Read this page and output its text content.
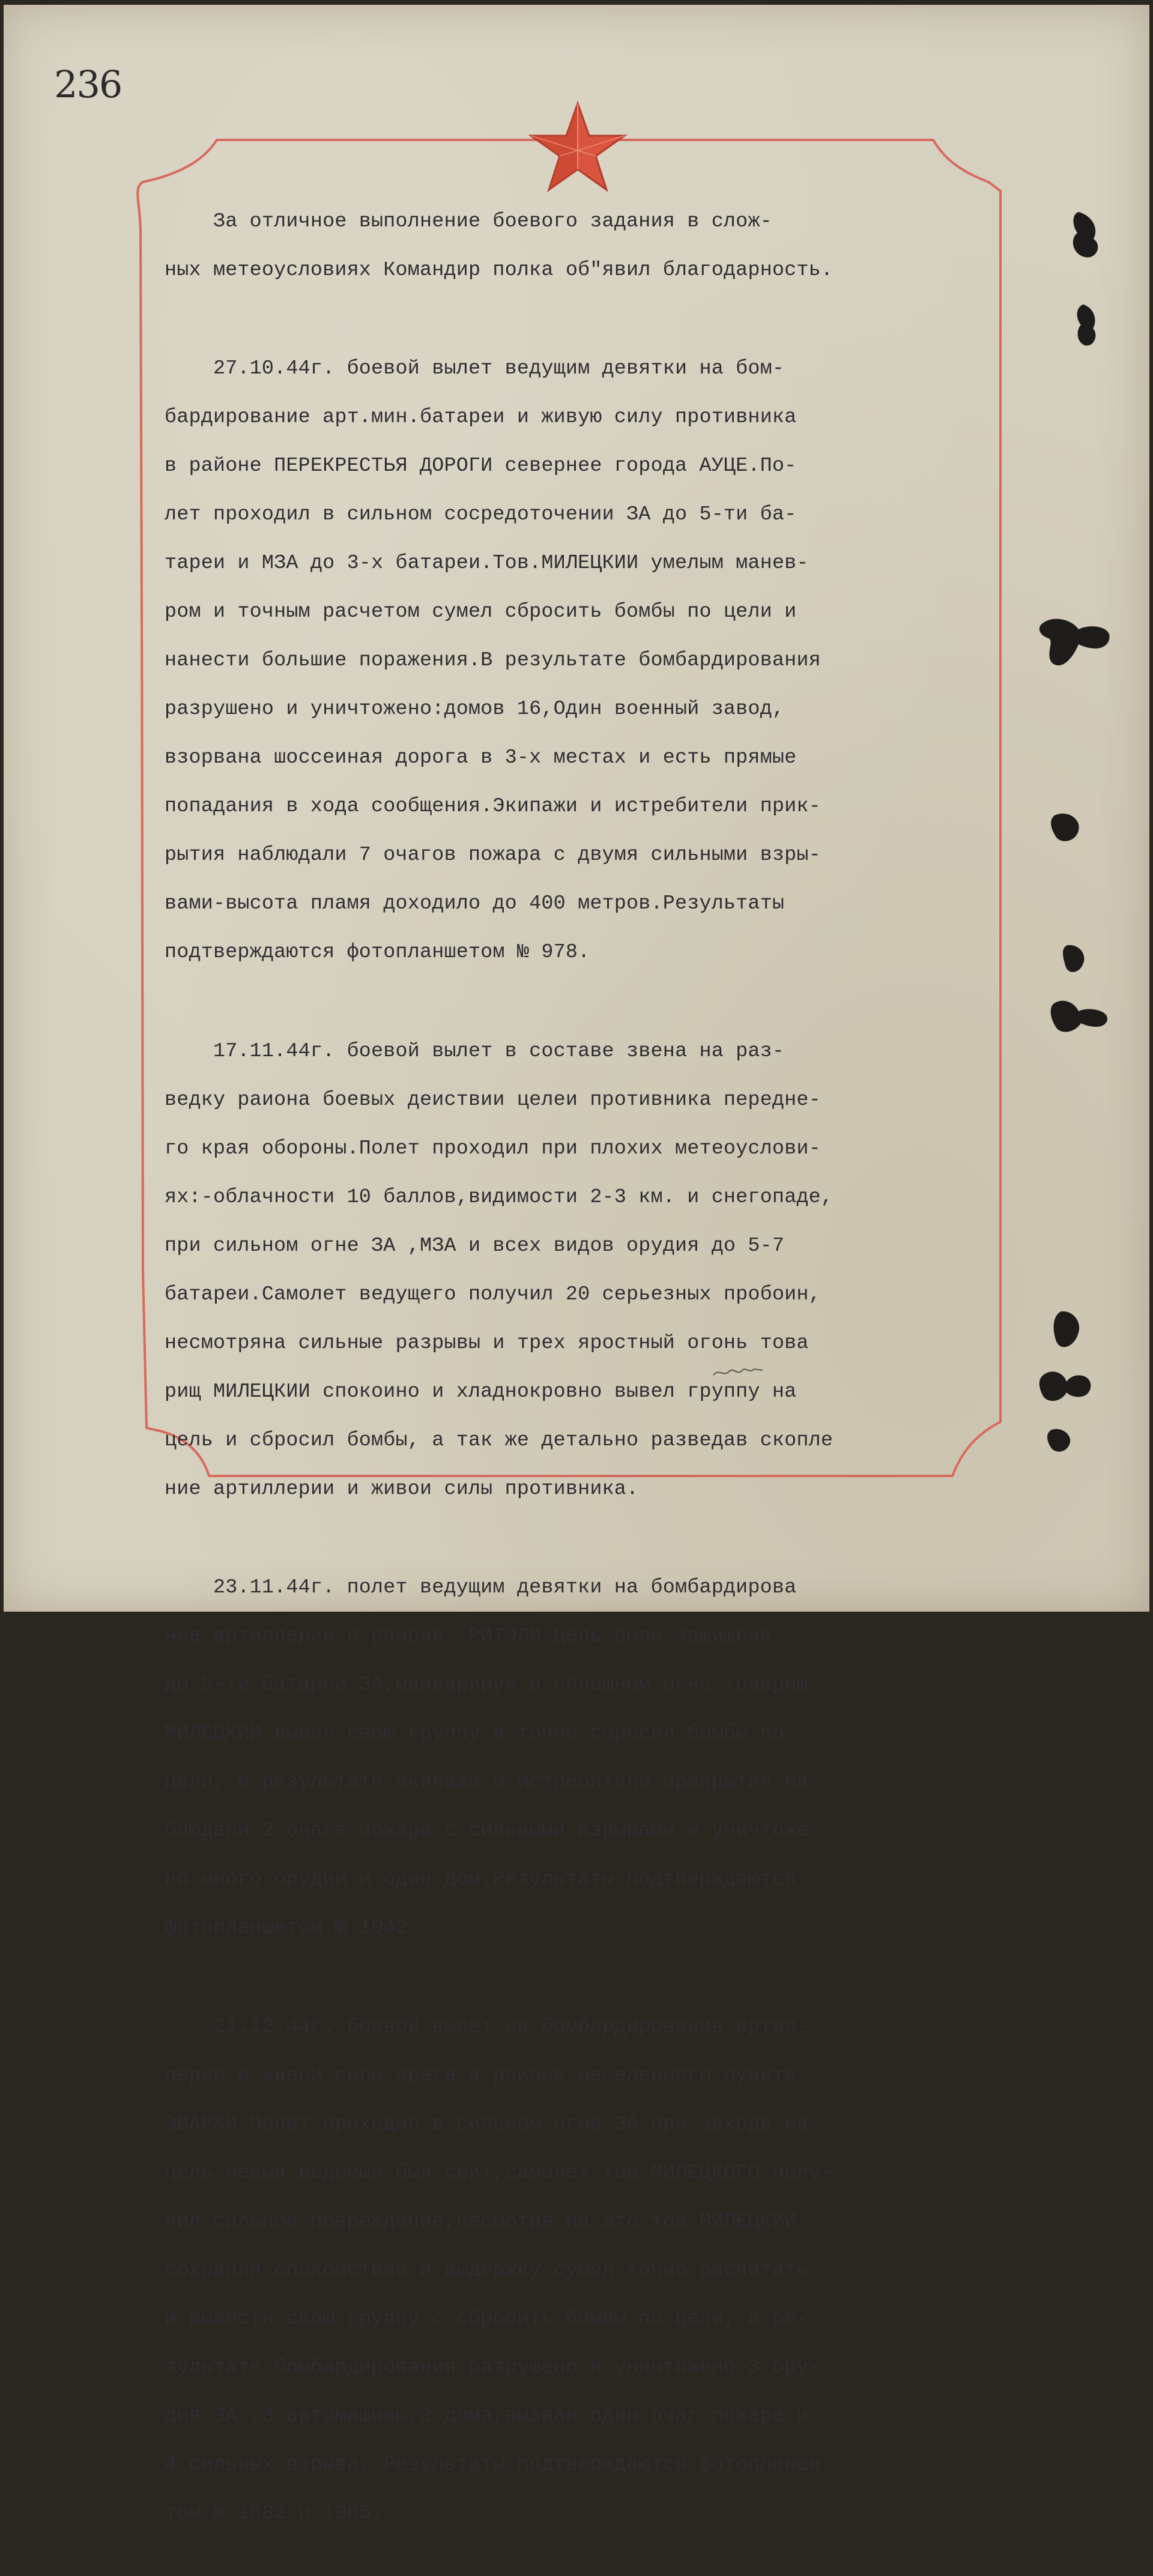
236

За отличное выполнение боевого задания в слож-

ных метеоусловиях Командир полка об"явил благодарность.

27.10.44г. боевой вылет ведущим девятки на бом-

бардирование арт.мин.батареи и живую силу противника

в районе ПЕРЕКРЕСТЬЯ ДОРОГИ севернее города АУЦЕ.По-

лет проходил в сильном сосредоточении ЗА до 5-ти ба-

тареи и МЗА до 3-х батареи.Тов.МИЛЕЦКИИ умелым манев-

ром и точным расчетом сумел сбросить бомбы по цели и

нанести большие поражения.В результате бомбардирования

разрушено и уничтожено:домов 16,Один военный завод,

взорвана шоссеиная дорога в 3-х местах и есть прямые

попадания в хода сообщения.Экипажи и истребители прик-

рытия наблюдали 7 очагов пожара с двумя сильными взры-

вами-высота пламя доходило до 400 метров.Результаты

подтверждаются фотопланшетом № 978.

17.11.44г. боевой вылет в составе звена на раз-

ведку раиона боевых деиствии целеи противника передне-

го края обороны.Полет проходил при плохих метеоуслови-

ях:-облачности 10 баллов,видимости 2-3 км. и снегопаде,

при сильном огне ЗА ,МЗА и всех видов орудия до 5-7

батареи.Самолет ведущего получил 20 серьезных пробоин,

несмотряна сильные разрывы и трех яростный огонь това

рищ МИЛЕЦКИИ спокоино и хладнокровно вывел группу на

цель и сбросил бомбы, а так же детально разведав скопле

ние артиллерии и живои силы противника.

23.11.44г. полет ведущим девятки на бомбардирова

ние артиллерии в раионе  РИТЭЛИ.Цель была защищена

до 5-ти батареи ЗА,маневрируя в сплошном огне товарищ

МИЛЕЦКИИ вывел свою группу и точно сбросил бомбы по

цели, в результате экипажи и истребители прикрытия на-

блюдали 2 очага пожара с сильными взрывами и уничтоже-

но много орудии и один дом.Результаты подтверждаются

фотопланшетом № 1042.

21.12.44г. боевой вылет на бомбардирование артил-

лерии и живои силы врага в раионе населенного пункта

ЭВАРЖИ.Полет проходил в сильном огне ЗА,при заходе на

цель левый ведомый был сбит,самолет тов.МИЛЕЦКОГО полу-

чил сильное повреждение,несмотря на это тов.МИЛЕЦКИИ

сохраняя спокоиствие и выдержку сумел точно расчитать

и вывести свою группу с сбросить бомбы по цели, в ре-

зультате бомбардирования разрушено и уничтожено:3 ору-

дия ЗА ,3 автомашины,3 дома,вызван один очаг пожара и

4 сильных взрыва. Результаты подтверждаются фотопланше

том № 1082 и 1085.
